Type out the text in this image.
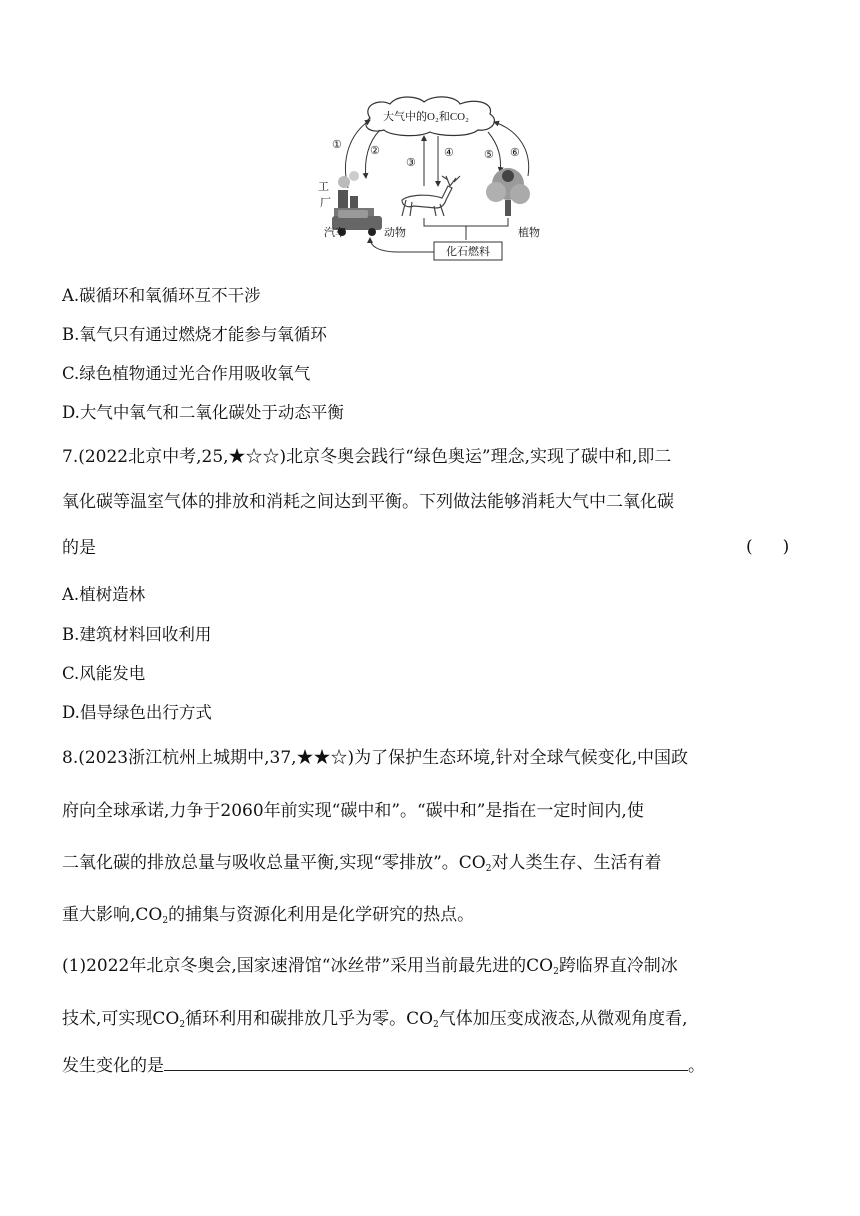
大气中的O₂和CO₂
①	②
③
④	⑤ ⑥
工
厂
汽车	动物	植物
化石燃料
A.碳循环和氧循环互不干涉
B.氧气只有通过燃烧才能参与氧循环
C.绿色植物通过光合作用吸收氧气
D.大气中氧气和二氧化碳处于动态平衡
7.(2022北京中考,25,★☆☆)北京冬奥会践行“绿色奥运”理念,实现了碳中和,即二
氧化碳等温室气体的排放和消耗之间达到平衡。下列做法能够消耗大气中二氧化碳
的是	()
A.植树造林
B.建筑材料回收利用
C.风能发电
D.倡导绿色出行方式
8.(2023浙江杭州上城期中,37,★★☆)为了保护生态环境,针对全球气候变化,中国政
府向全球承诺,力争于2060年前实现“碳中和”。“碳中和”是指在一定时间内,使
二氧化碳的排放总量与吸收总量平衡,实现“零排放”。$CO_2$对人类生存、生活有着
重大影响$,CO_2$的捕集与资源化利用是化学研究的热点。
(1)2022年北京冬奥会,国家速滑馆“冰丝带”采用当前最先进的$CO_2$跨临界直冷制冰
技术,可实现$CO_2$循环利用和碳排放几乎为零。$CO_2$气体加压变成液态,从微观角度看,
发生变化的是	。
